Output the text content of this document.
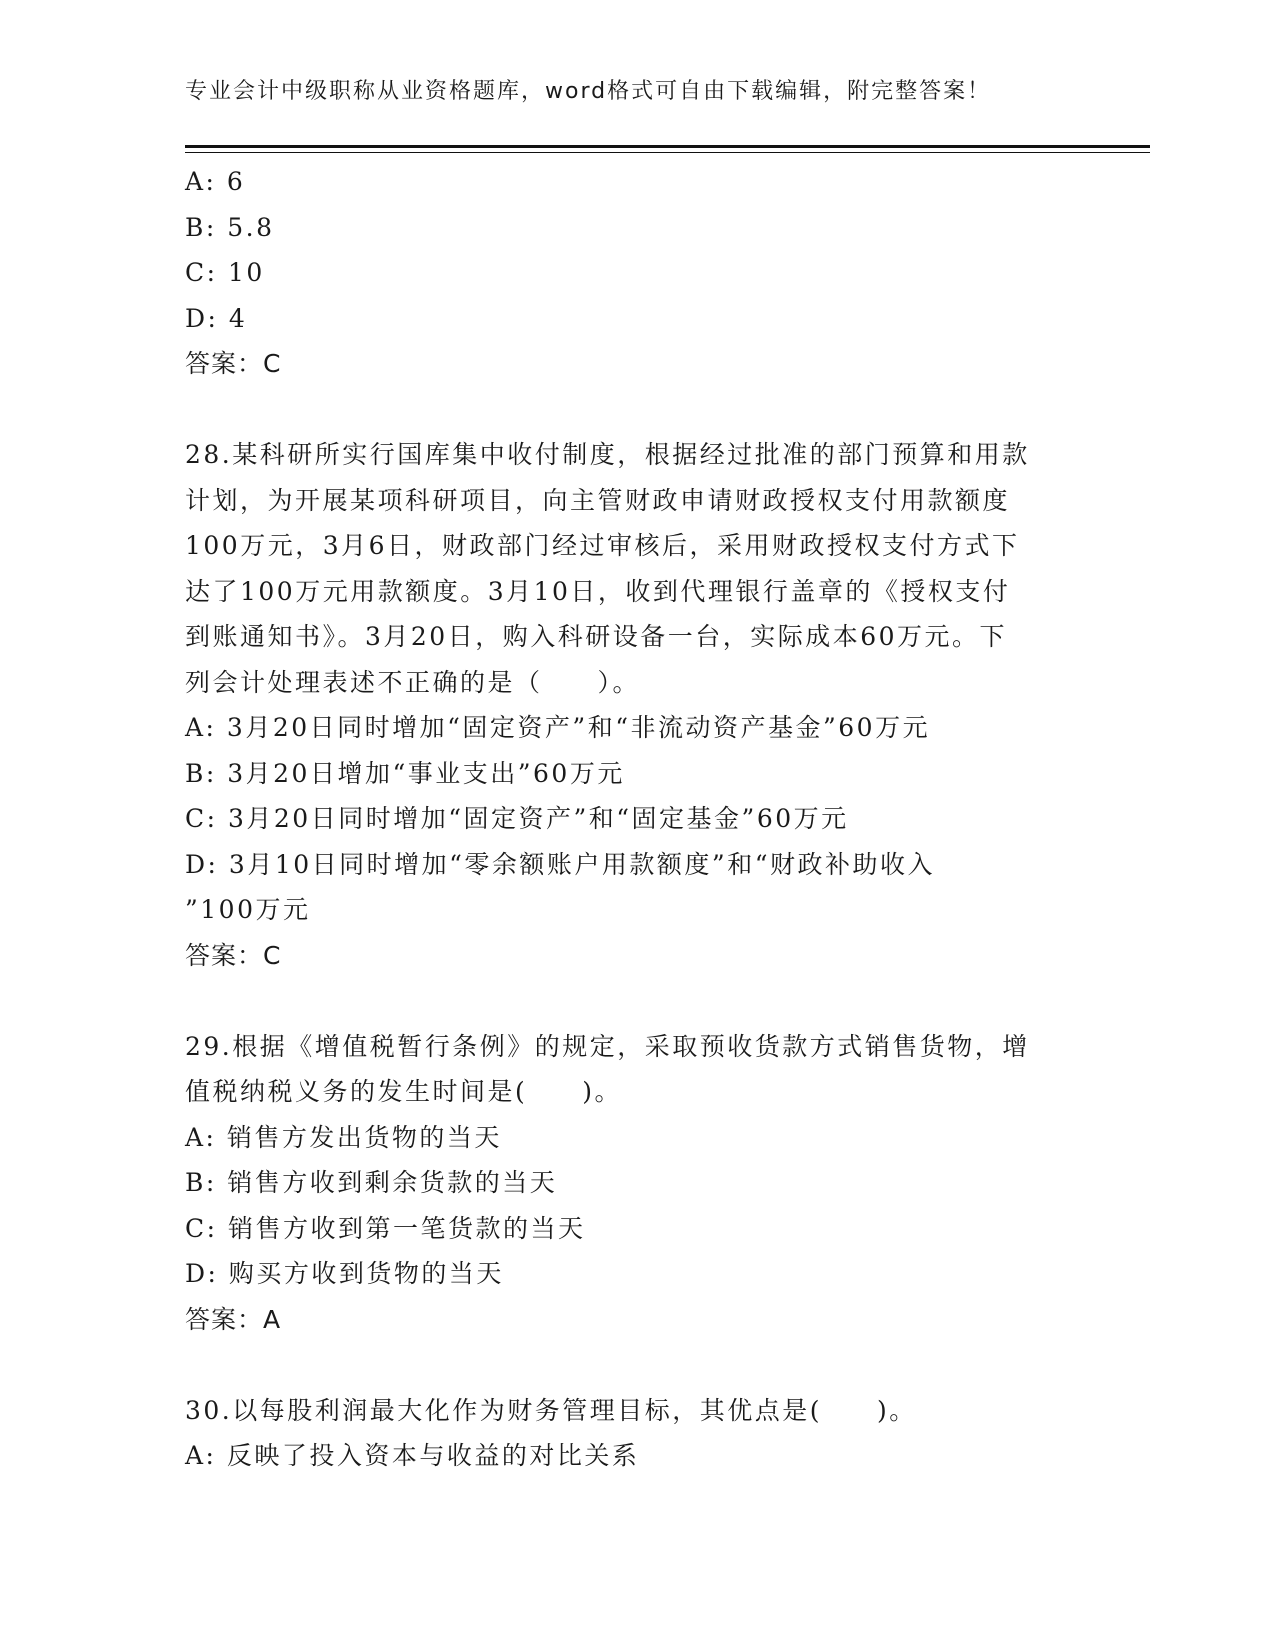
专业会计中级职称从业资格题库，word格式可自由下载编辑，附完整答案！
A: 6
B: 5.8
C: 10
D: 4
答案：C
28.某科研所实行国库集中收付制度，根据经过批准的部门预算和用款
计划，为开展某项科研项目，向主管财政申请财政授权支付用款额度
100万元，3月6日，财政部门经过审核后，采用财政授权支付方式下
达了100万元用款额度。3月10日，收到代理银行盖章的《授权支付
到账通知书》。3月20日，购入科研设备一台，实际成本60万元。下
列会计处理表述不正确的是（　　）。
A: 3月20日同时增加“固定资产”和“非流动资产基金”60万元
B: 3月20日增加“事业支出”60万元
C: 3月20日同时增加“固定资产”和“固定基金”60万元
D: 3月10日同时增加“零余额账户用款额度”和“财政补助收入
”100万元
答案：C
29.根据《增值税暂行条例》的规定，采取预收货款方式销售货物，增
值税纳税义务的发生时间是(　　)。
A: 销售方发出货物的当天
B: 销售方收到剩余货款的当天
C: 销售方收到第一笔货款的当天
D: 购买方收到货物的当天
答案：A
30.以每股利润最大化作为财务管理目标，其优点是(　　)。
A: 反映了投入资本与收益的对比关系
